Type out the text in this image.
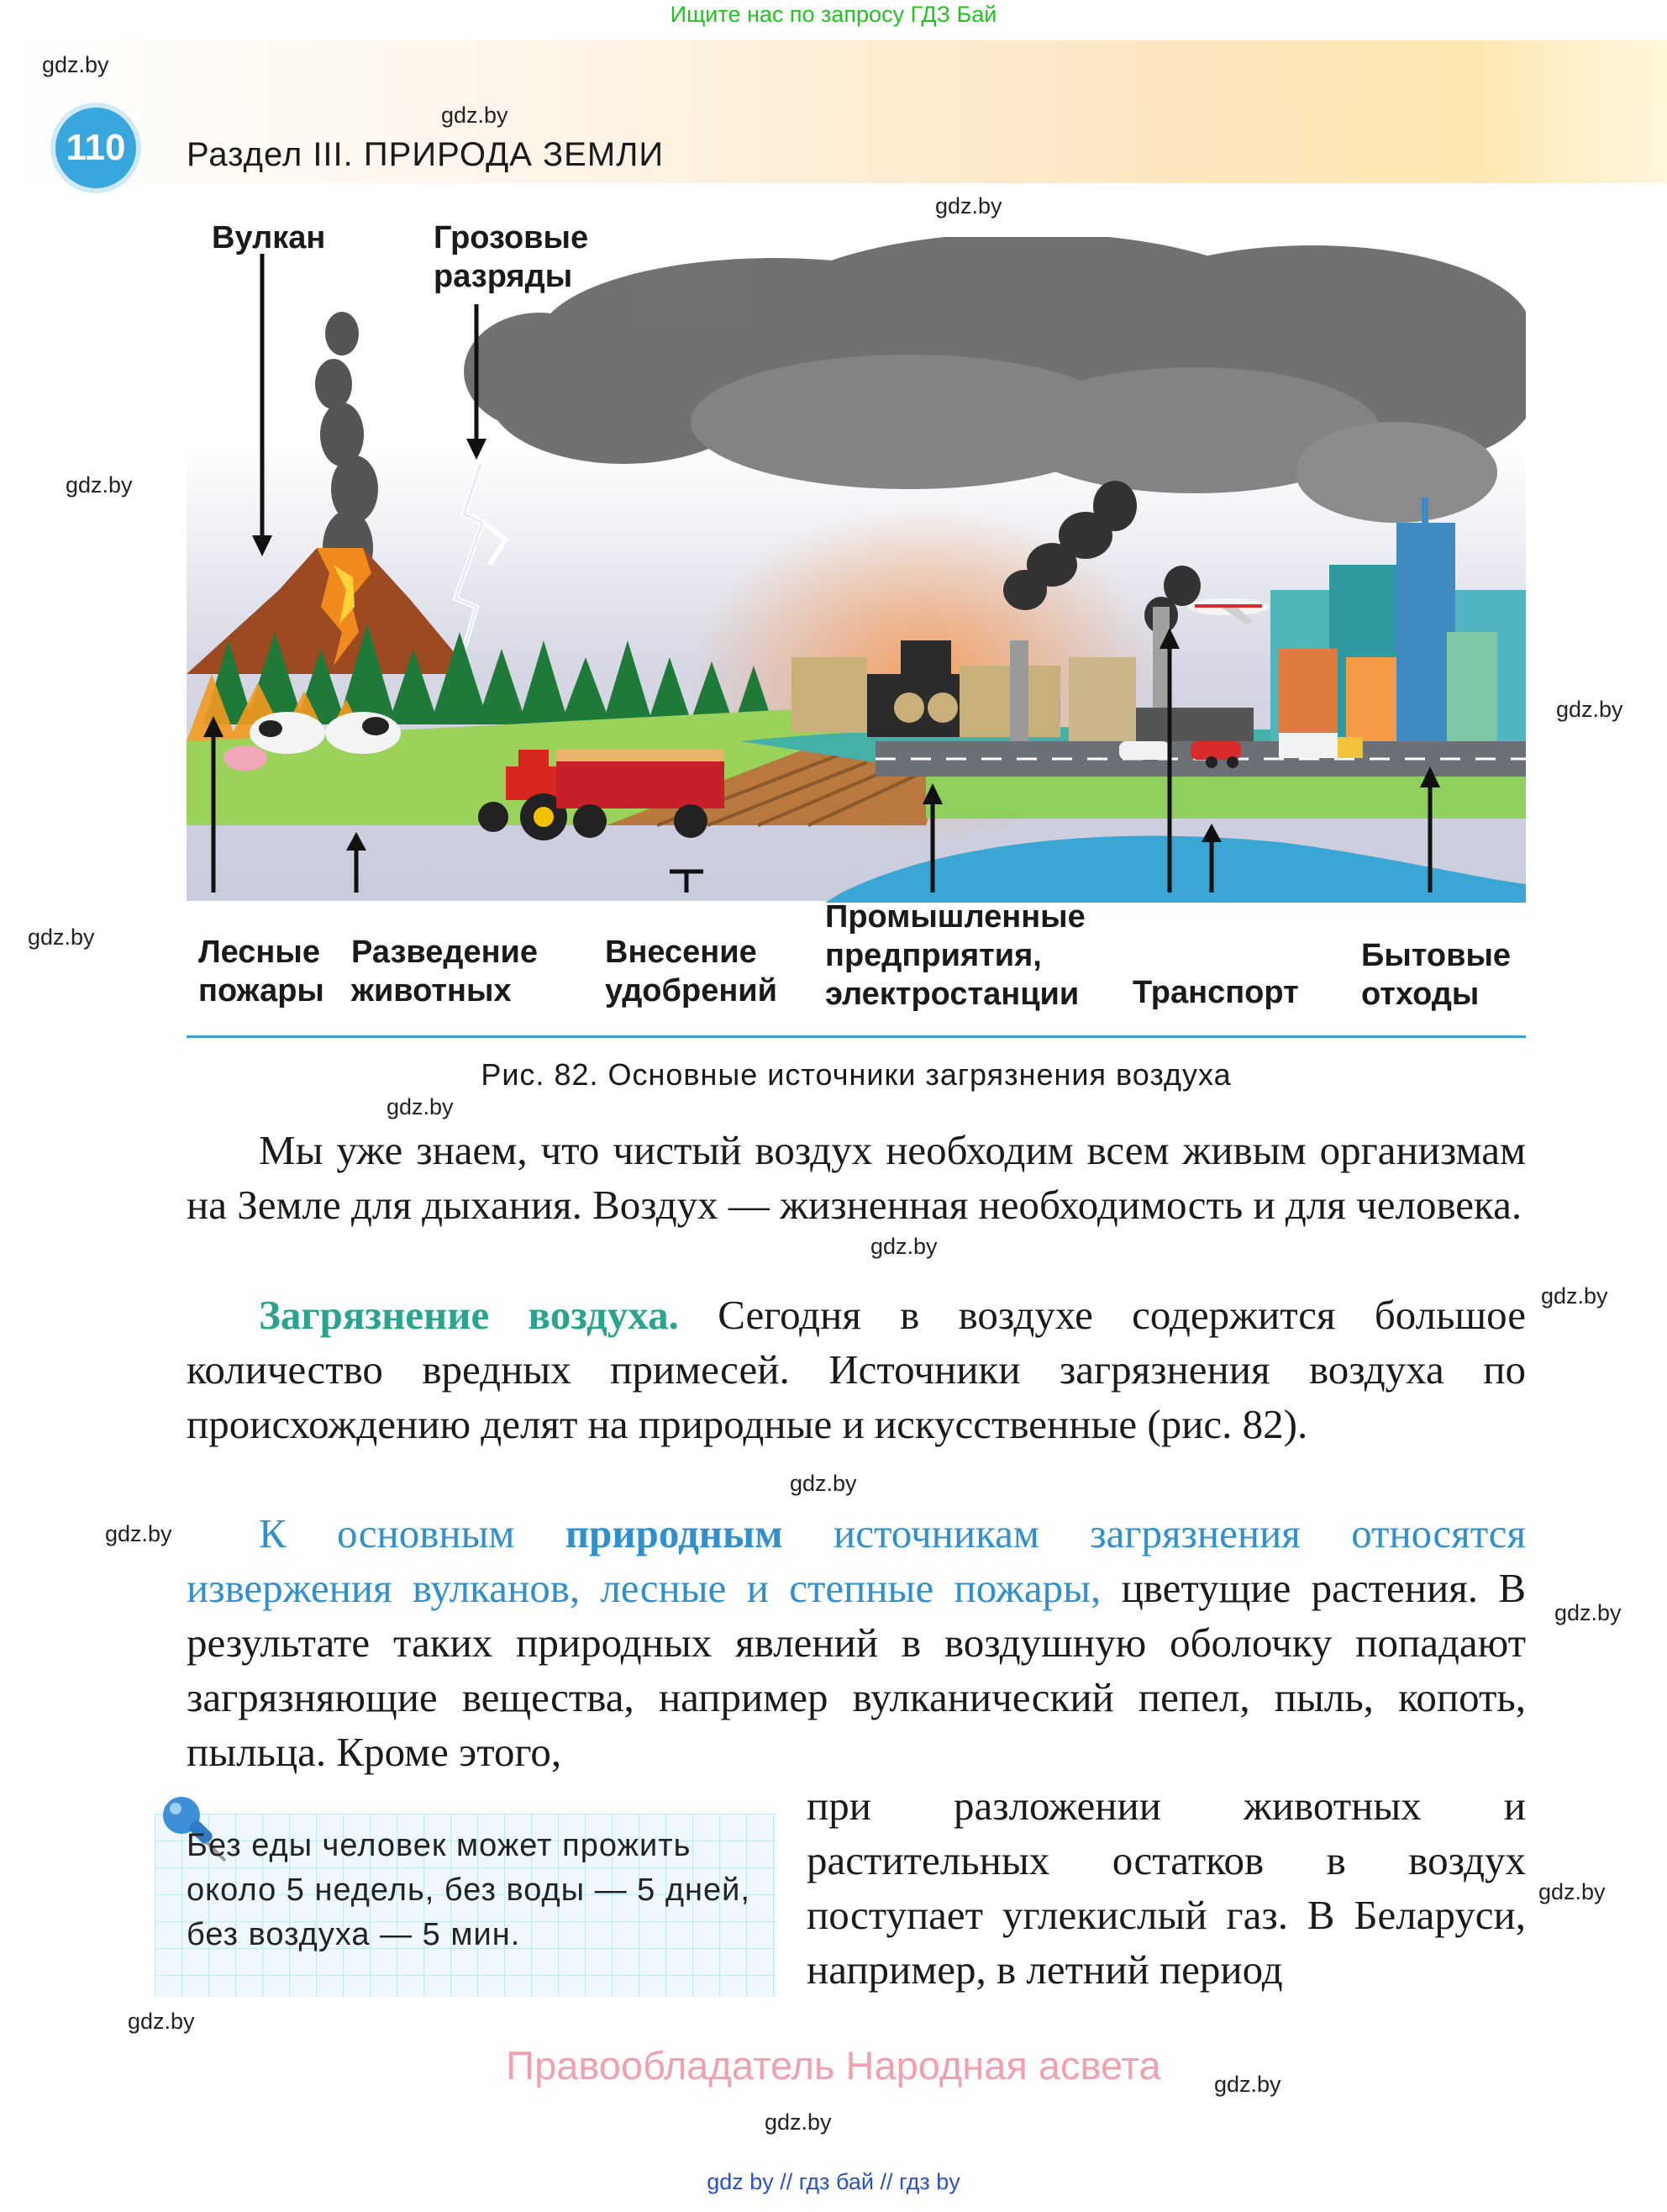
Ищите нас по запросу ГДЗ Бай
110	Раздел III. ПРИРОДА ЗЕМЛИ
gdz.by
gdz.by
gdz.by
gdz.by
gdz.by
gdz.by
gdz.by
gdz.by
gdz.by
gdz.by
gdz.by
gdz.by
gdz.by
gdz.by
gdz.by
gdz.by
Вулкан	Грозовые
разряды
Лесные
пожары
Разведение
животных
Внесение
удобрений
Промышленные
предприятия,
электростанции Транспорт
Бытовые
отходы
Рис. 82. Основные источники загрязнения воздуха
Мы уже знаем, что чистый воздух необходим всем живым организмам на Земле для дыхания. Воздух — жизненная необходимость и для человека.
Загрязнение воздуха. Сегодня в воздухе содержится большое количество вредных примесей. Источники загрязнения воздуха по происхождению делят на природные и искусственные (рис. 82).
К основным природным источникам загрязнения относятся извержения вулканов, лесные и степные пожары, цветущие растения. В результате таких природных явлений в воздушную оболочку попадают загрязняющие вещества, например вулканический пепел, пыль, копоть, пыльца. Кроме этого,
при разложении животных и растительных остатков в воздух поступает углекислый газ. В Беларуси, например, в летний период
Без еды человек может прожить около 5 недель, без воды — 5 дней, без воздуха — 5 мин.
Правообладатель Народная асвета
gdz by // гдз бай // гдз by
